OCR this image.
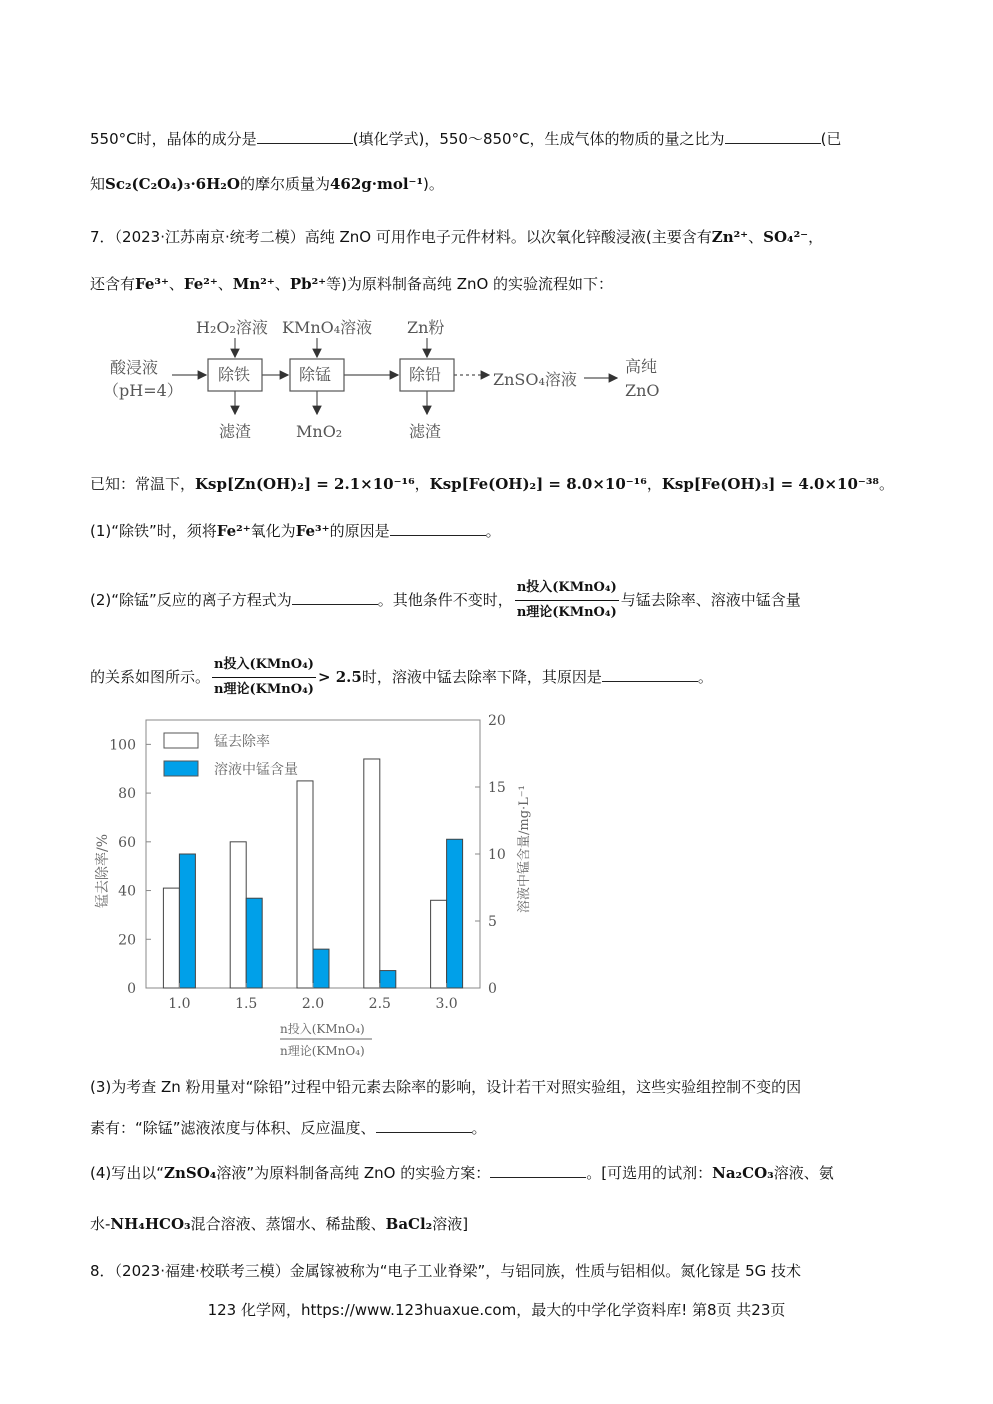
550°C时，晶体的成分是	(填化学式)，550～850°C，生成气体的物质的量之比为	(已
知Sc₂(C₂O₄)₃·6H₂O的摩尔质量为462g·mol⁻¹)。
7．（2023·江苏南京·统考二模）高纯 ZnO 可用作电子元件材料。以次氧化锌酸浸液(主要含有Zn²⁺、SO₄²⁻，
还含有Fe³⁺、Fe²⁺、Mn²⁺、Pb²⁺等)为原料制备高纯 ZnO 的实验流程如下：
酸浸液
（pH=4）
H₂O₂溶液 KMnO₄溶液 Zn粉
除铁	除锰	除铅	ZnSO₄溶液
高纯
ZnO
滤渣	MnO₂	滤渣
已知：常温下，Ksp[Zn(OH)₂] = 2.1×10⁻¹⁶，Ksp[Fe(OH)₂] = 8.0×10⁻¹⁶，Ksp[Fe(OH)₃] = 4.0×10⁻³⁸。
(1)“除铁”时，须将Fe²⁺氧化为Fe³⁺的原因是	。
(2)“除锰”反应的离子方程式为	。其他条件不变时， $\frac{\text{n投入(KMnO₄)}}{\text{n理论(KMnO₄)}}$ 与锰去除率、溶液中锰含量
的关系如图所示。 $\frac{\text{n投入(KMnO₄)}}{\text{n理论(KMnO₄)}} > 2.5$时，溶液中锰去除率下降，其原因是	。
0
20
40
60
80
100
0
5
10
15
20
1.0	1.5	2.0	2.5	3.0
锰去除率
溶液中锰含量
锰去除率/%	溶液中锰含量/mg·L⁻¹
n投入(KMnO₄)
n理论(KMnO₄)
(3)为考查 Zn 粉用量对“除铅”过程中铅元素去除率的影响，设计若干对照实验组，这些实验组控制不变的因
素有：“除锰”滤液浓度与体积、反应温度、	。
(4)写出以“ZnSO₄溶液”为原料制备高纯 ZnO 的实验方案：	。[可选用的试剂：Na₂CO₃溶液、氨
水-NH₄HCO₃混合溶液、蒸馏水、稀盐酸、BaCl₂溶液]
8．（2023·福建·校联考三模）金属镓被称为“电子工业脊梁”，与铝同族，性质与铝相似。氮化镓是 5G 技术
123 化学网，https://www.123huaxue.com，最大的中学化学资料库! 第8页 共23页
